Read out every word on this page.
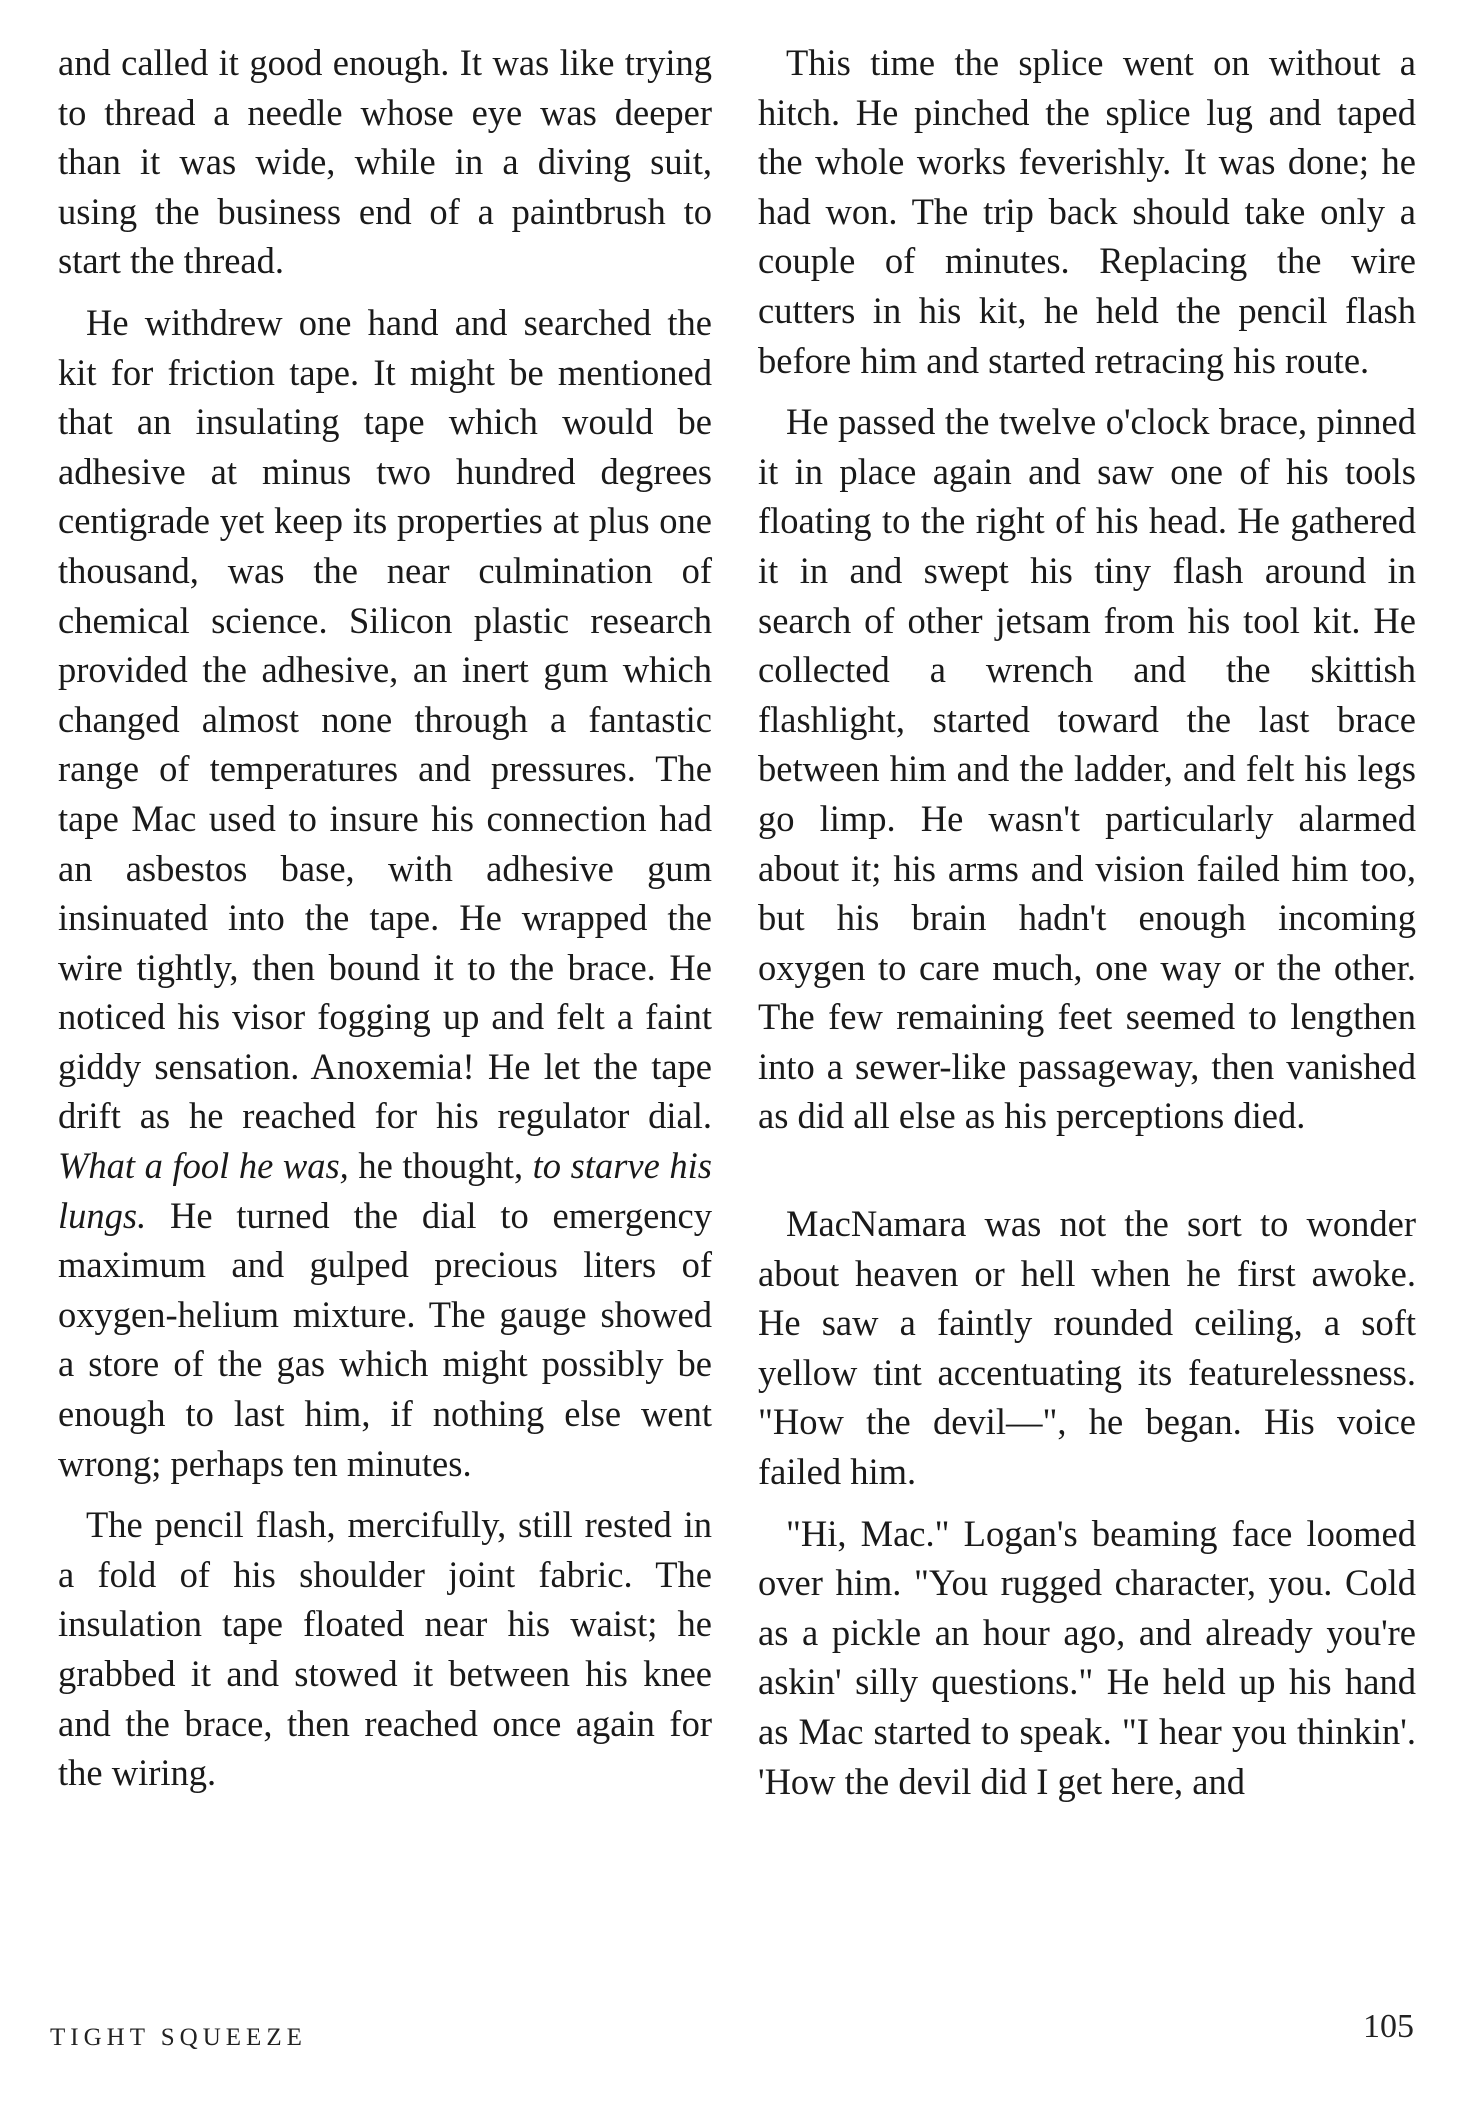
and called it good enough. It was like trying to thread a needle whose eye was deeper than it was wide, while in a diving suit, using the business end of a paintbrush to start the thread.

He withdrew one hand and searched the kit for friction tape. It might be mentioned that an insulating tape which would be adhesive at minus two hundred degrees centigrade yet keep its properties at plus one thousand, was the near culmination of chemical science. Silicon plastic research provided the adhesive, an inert gum which changed almost none through a fantastic range of temperatures and pressures. The tape Mac used to insure his connection had an asbestos base, with adhesive gum insinuated into the tape. He wrapped the wire tightly, then bound it to the brace. He noticed his visor fogging up and felt a faint giddy sensation. Anoxemia! He let the tape drift as he reached for his regulator dial. What a fool he was, he thought, to starve his lungs. He turned the dial to emergency maximum and gulped precious liters of oxygen-helium mixture. The gauge showed a store of the gas which might possibly be enough to last him, if nothing else went wrong; perhaps ten minutes.

The pencil flash, mercifully, still rested in a fold of his shoulder joint fabric. The insulation tape floated near his waist; he grabbed it and stowed it between his knee and the brace, then reached once again for the wiring.

This time the splice went on without a hitch. He pinched the splice lug and taped the whole works feverishly. It was done; he had won. The trip back should take only a couple of minutes. Replacing the wire cutters in his kit, he held the pencil flash before him and started retracing his route.

He passed the twelve o'clock brace, pinned it in place again and saw one of his tools floating to the right of his head. He gathered it in and swept his tiny flash around in search of other jetsam from his tool kit. He collected a wrench and the skittish flashlight, started toward the last brace between him and the ladder, and felt his legs go limp. He wasn't particularly alarmed about it; his arms and vision failed him too, but his brain hadn't enough incoming oxygen to care much, one way or the other. The few remaining feet seemed to lengthen into a sewer-like passageway, then vanished as did all else as his perceptions died.

MacNamara was not the sort to wonder about heaven or hell when he first awoke. He saw a faintly rounded ceiling, a soft yellow tint accentuating its featurelessness. "How the devil—", he began. His voice failed him.

"Hi, Mac." Logan's beaming face loomed over him. "You rugged character, you. Cold as a pickle an hour ago, and already you're askin' silly questions." He held up his hand as Mac started to speak. "I hear you thinkin'. 'How the devil did I get here, and

TIGHT SQUEEZE	105
